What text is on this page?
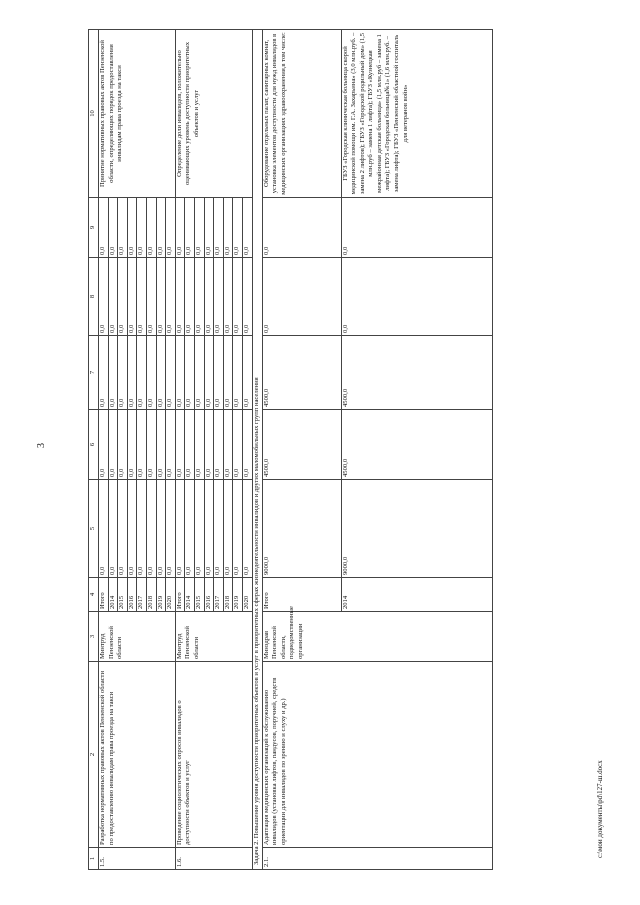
3
1	2	3	4	5	6	7	8	9	10
1.5.	Разработка нормативных правовых актов Пензенской области по предоставлению инвалидам права проезда на такси	Минтруд Пензенской области	Итого	0,0	0,0	0,0	0,0	0,0	Принятие нормативных правовых актов Пензенской области, определяющих порядок предоставления инвалидам права проезда на такси
			2014	0,0	0,0	0,0	0,0	0,0	
			2015	0,0	0,0	0,0	0,0	0,0	
			2016	0,0	0,0	0,0	0,0	0,0	
			2017	0,0	0,0	0,0	0,0	0,0	
			2018	0,0	0,0	0,0	0,0	0,0	
			2019	0,0	0,0	0,0	0,0	0,0	
			2020	0,0	0,0	0,0	0,0	0,0	
1.6.	Проведение социологических опросов инвалидов о доступности объектов и услуг	Минтруд Пензенской области	Итого	0,0	0,0	0,0	0,0	0,0	Определение доли инвалидов, положительно оценивающих уровень доступности приоритетных объектов и услуг
			2014	0,0	0,0	0,0	0,0	0,0	
			2015	0,0	0,0	0,0	0,0	0,0	
			2016	0,0	0,0	0,0	0,0	0,0	
			2017	0,0	0,0	0,0	0,0	0,0	
			2018	0,0	0,0	0,0	0,0	0,0	
			2019	0,0	0,0	0,0	0,0	0,0	
			2020	0,0	0,0	0,0	0,0	0,0	
Задача 2. Повышение уровня доступности приоритетных объектов и услуг в приоритетных сферах жизнедеятельности инвалидов и других маломобильных групп населения									
2.1.	Адаптация медицинских организаций к обслуживанию инвалидов (установка лифтов, пандусов, поручней, средств ориентации для инвалидов по зрению и слуху и др.)	Минздрав Пензенской области, подведомственные организации	Итого	9000,0	4500,0	4500,0	0,0	0,0	Оборудование отдельных палат, санитарных комнат, установка элементов доступности для нужд инвалидов в медицинских организациях здравоохранения,в том числе:
			2014	9000,0	4500,0	4500,0	0,0	0,0	ГБУЗ «Городская клиническая больница скорой медицинской помощи им. Г.А. Захарьина» (3,0 млн.руб. – замена 2 лифтов); ГБУЗ «Городской родильный дом» (1,5 млн.руб – замена 1 лифта); ГБУЗ «Кузнецкая межрайонная детская больница» (1,5 млн.руб – замена 1 лифта); ГБУЗ «Городская больница№1» (1,6 млн.руб. – замена лифта); ГБУЗ «Пензенский областной госпиталь для ветеранов войн»
c:\мои документы\pd\127-ш.docx
